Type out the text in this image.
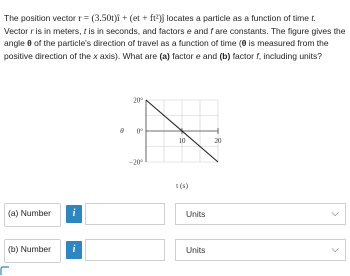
The position vector r = (3.50t)î + (et + ft²)ĵ locates a particle as a function of time t.
Vector r is in meters, t is in seconds, and factors e and f are constants. The figure gives the
angle θ of the particle's direction of travel as a function of time (θ is measured from the
positive direction of the x axis). What are (a) factor e and (b) factor f, including units?
10	20
20°
0°
−20°
θ
t (s)
(a) Number	i	Units	⌵
(b) Number	i	Units	⌵
